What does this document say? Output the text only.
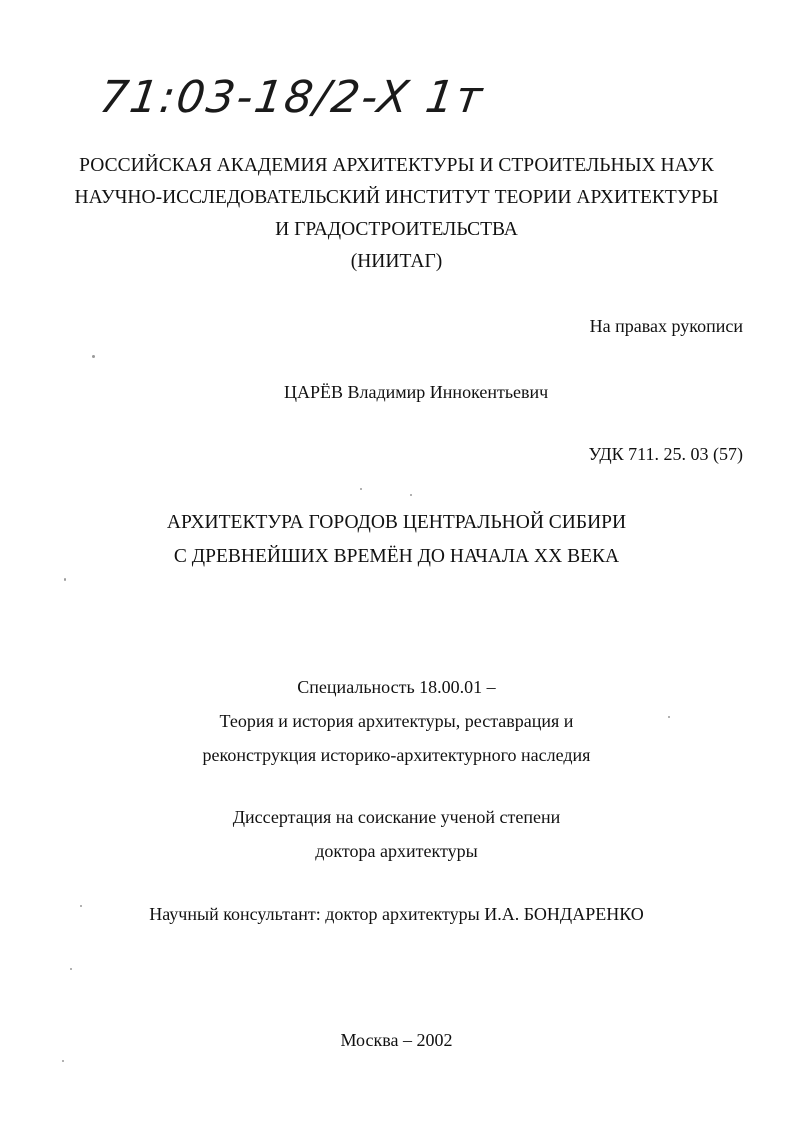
71:03-18/2-X 1т
РОССИЙСКАЯ АКАДЕМИЯ АРХИТЕКТУРЫ И СТРОИТЕЛЬНЫХ НАУК
НАУЧНО-ИССЛЕДОВАТЕЛЬСКИЙ ИНСТИТУТ ТЕОРИИ АРХИТЕКТУРЫ
И ГРАДОСТРОИТЕЛЬСТВА
(НИИТАГ)
На правах рукописи
ЦАРЁВ Владимир Иннокентьевич
УДК 711. 25. 03 (57)
АРХИТЕКТУРА ГОРОДОВ ЦЕНТРАЛЬНОЙ СИБИРИ
С ДРЕВНЕЙШИХ ВРЕМЁН ДО НАЧАЛА XX ВЕКА
Специальность 18.00.01 –
Теория и история архитектуры, реставрация и
реконструкция историко-архитектурного наследия
Диссертация на соискание ученой степени
доктора архитектуры
Научный консультант: доктор архитектуры И.А. БОНДАРЕНКО
Москва – 2002
